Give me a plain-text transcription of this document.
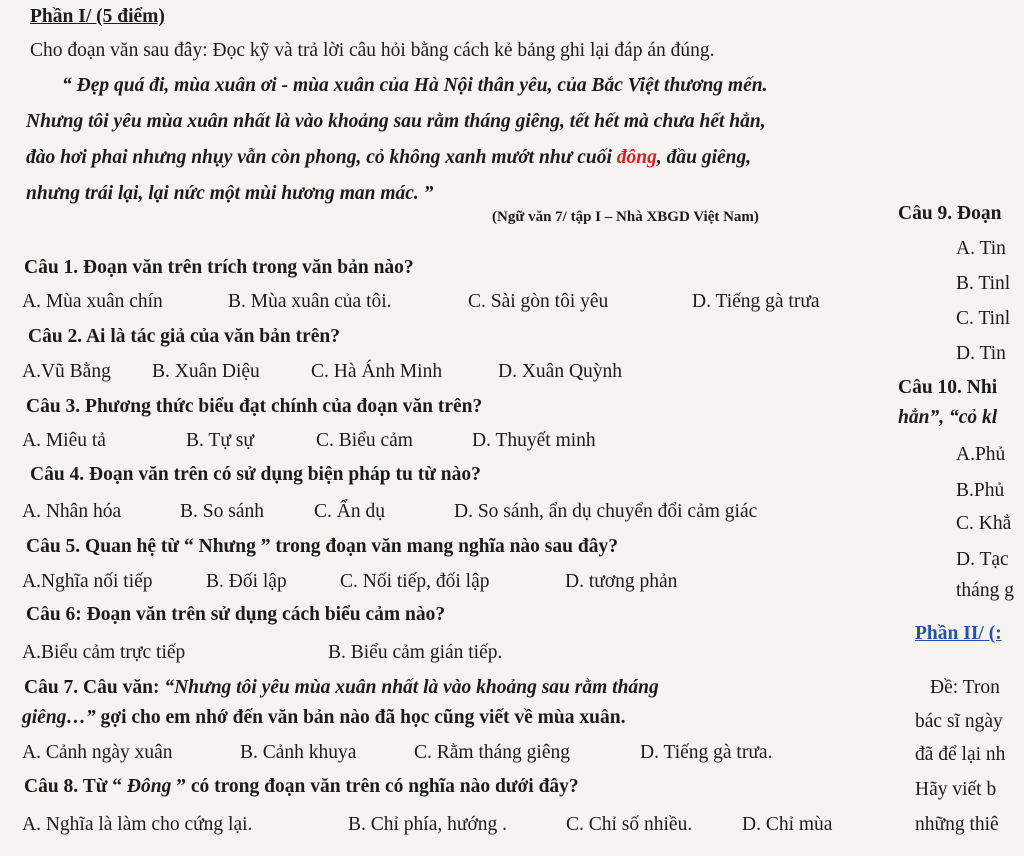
Phần I/ (5 điểm)
Cho đoạn văn sau đây: Đọc kỹ và trả lời câu hỏi bằng cách kẻ bảng ghi lại đáp án đúng.
“ Đẹp quá đi, mùa xuân ơi - mùa xuân của Hà Nội thân yêu, của Bắc Việt thương mến.
Nhưng tôi yêu mùa xuân nhất là vào khoảng sau rằm tháng giêng, tết hết mà chưa hết hẳn,
đào hơi phai nhưng nhụy vẫn còn phong, cỏ không xanh mướt như cuối đông, đầu giêng,
nhưng trái lại, lại nức một mùi hương man mác. ”
(Ngữ văn 7/ tập I – Nhà XBGD Việt Nam)
Câu 1. Đoạn văn trên trích trong văn bản nào?
A. Mùa xuân chín	B. Mùa xuân của tôi.	C. Sài gòn tôi yêu	D. Tiếng gà trưa
Câu 2. Ai là tác giả của văn bản trên?
A.Vũ Bằng B. Xuân Diệu	C. Hà Ánh Minh	D. Xuân Quỳnh
Câu 3. Phương thức biểu đạt chính của đoạn văn trên?
A. Miêu tả	B. Tự sự	C. Biểu cảm	D. Thuyết minh
Câu 4. Đoạn văn trên có sử dụng biện pháp tu từ nào?
A. Nhân hóa	B. So sánh	C. Ẩn dụ	D. So sánh, ẩn dụ chuyển đổi cảm giác
Câu 5. Quan hệ từ “ Nhưng ” trong đoạn văn mang nghĩa nào sau đây?
A.Nghĩa nối tiếp	B. Đối lập	C. Nối tiếp, đối lập	D. tương phản
Câu 6: Đoạn văn trên sử dụng cách biểu cảm nào?
A.Biểu cảm trực tiếp	B. Biểu cảm gián tiếp.
Câu 7. Câu văn: “Nhưng tôi yêu mùa xuân nhất là vào khoảng sau rằm tháng
giêng…” gợi cho em nhớ đến văn bản nào đã học cũng viết về mùa xuân.
A. Cảnh ngày xuân	B. Cảnh khuya	C. Rằm tháng giêng	D. Tiếng gà trưa.
Câu 8. Từ “ Đông ” có trong đoạn văn trên có nghĩa nào dưới đây?
A. Nghĩa là làm cho cứng lại.	B. Chỉ phía, hướng .	C. Chỉ số nhiều.	D. Chỉ mùa
Câu 9. Đoạn
A. Tin
B. Tinl
C. Tinl
D. Tin
Câu 10. Nhi
hẳn”, “cỏ kl
A.Phủ
B.Phủ
C. Khẳ
D. Tạc
tháng g
Phần II/ (:
Đề: Tron
bác sĩ ngày
đã để lại nh
Hãy viết b
những thiê
